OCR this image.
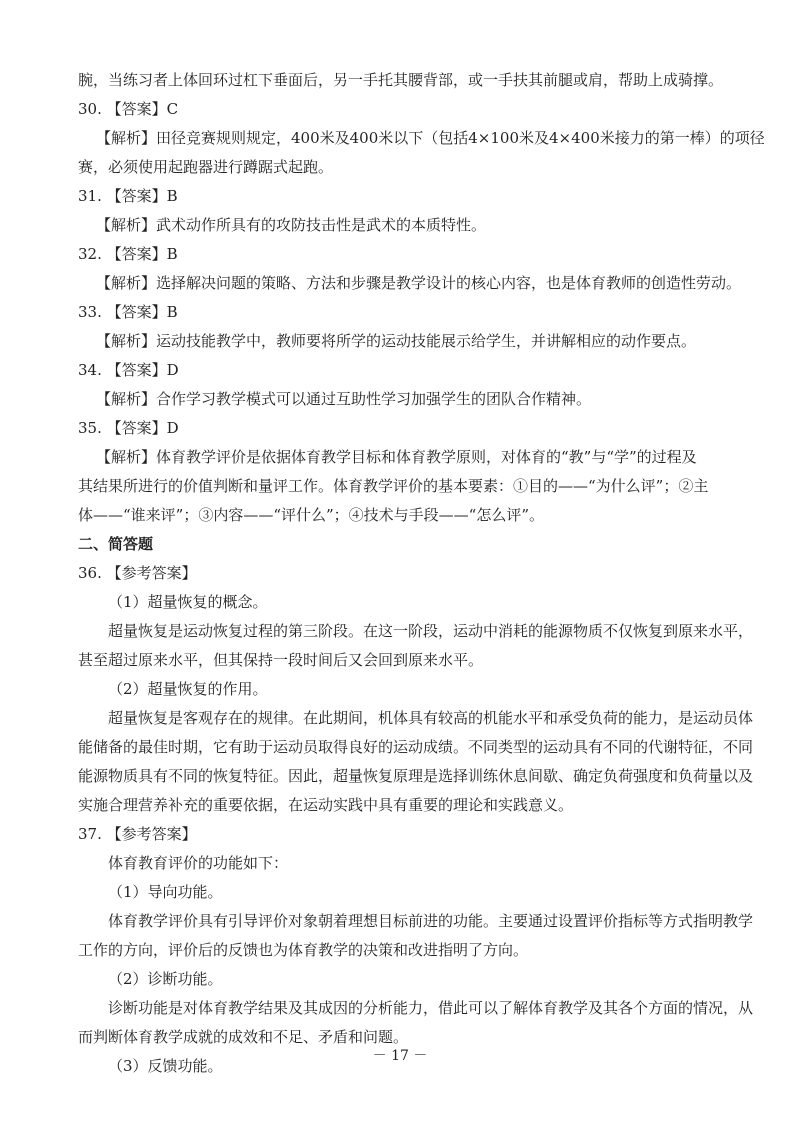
腕，当练习者上体回环过杠下垂面后，另一手托其腰背部，或一手扶其前腿或肩，帮助上成骑撑。
30. 【答案】C
【解析】田径竞赛规则规定，400米及400米以下（包括4×100米及4×400米接力的第一棒）的项径
赛，必须使用起跑器进行蹲踞式起跑。
31. 【答案】B
【解析】武术动作所具有的攻防技击性是武术的本质特性。
32. 【答案】B
【解析】选择解决问题的策略、方法和步骤是教学设计的核心内容，也是体育教师的创造性劳动。
33. 【答案】B
【解析】运动技能教学中，教师要将所学的运动技能展示给学生，并讲解相应的动作要点。
34. 【答案】D
【解析】合作学习教学模式可以通过互助性学习加强学生的团队合作精神。
35. 【答案】D
【解析】体育教学评价是依据体育教学目标和体育教学原则，对体育的“教”与“学”的过程及
其结果所进行的价值判断和量评工作。体育教学评价的基本要素：①目的——“为什么评”；②主
体——“谁来评”；③内容——“评什么”；④技术与手段——“怎么评”。
二、简答题
36. 【参考答案】
（1）超量恢复的概念。
超量恢复是运动恢复过程的第三阶段。在这一阶段，运动中消耗的能源物质不仅恢复到原来水平，
甚至超过原来水平，但其保持一段时间后又会回到原来水平。
（2）超量恢复的作用。
超量恢复是客观存在的规律。在此期间，机体具有较高的机能水平和承受负荷的能力，是运动员体
能储备的最佳时期，它有助于运动员取得良好的运动成绩。不同类型的运动具有不同的代谢特征，不同
能源物质具有不同的恢复特征。因此，超量恢复原理是选择训练休息间歇、确定负荷强度和负荷量以及
实施合理营养补充的重要依据，在运动实践中具有重要的理论和实践意义。
37. 【参考答案】
体育教育评价的功能如下：
（1）导向功能。
体育教学评价具有引导评价对象朝着理想目标前进的功能。主要通过设置评价指标等方式指明教学
工作的方向，评价后的反馈也为体育教学的决策和改进指明了方向。
（2）诊断功能。
诊断功能是对体育教学结果及其成因的分析能力，借此可以了解体育教学及其各个方面的情况，从
而判断体育教学成就的成效和不足、矛盾和问题。
（3）反馈功能。
－ 17 －
